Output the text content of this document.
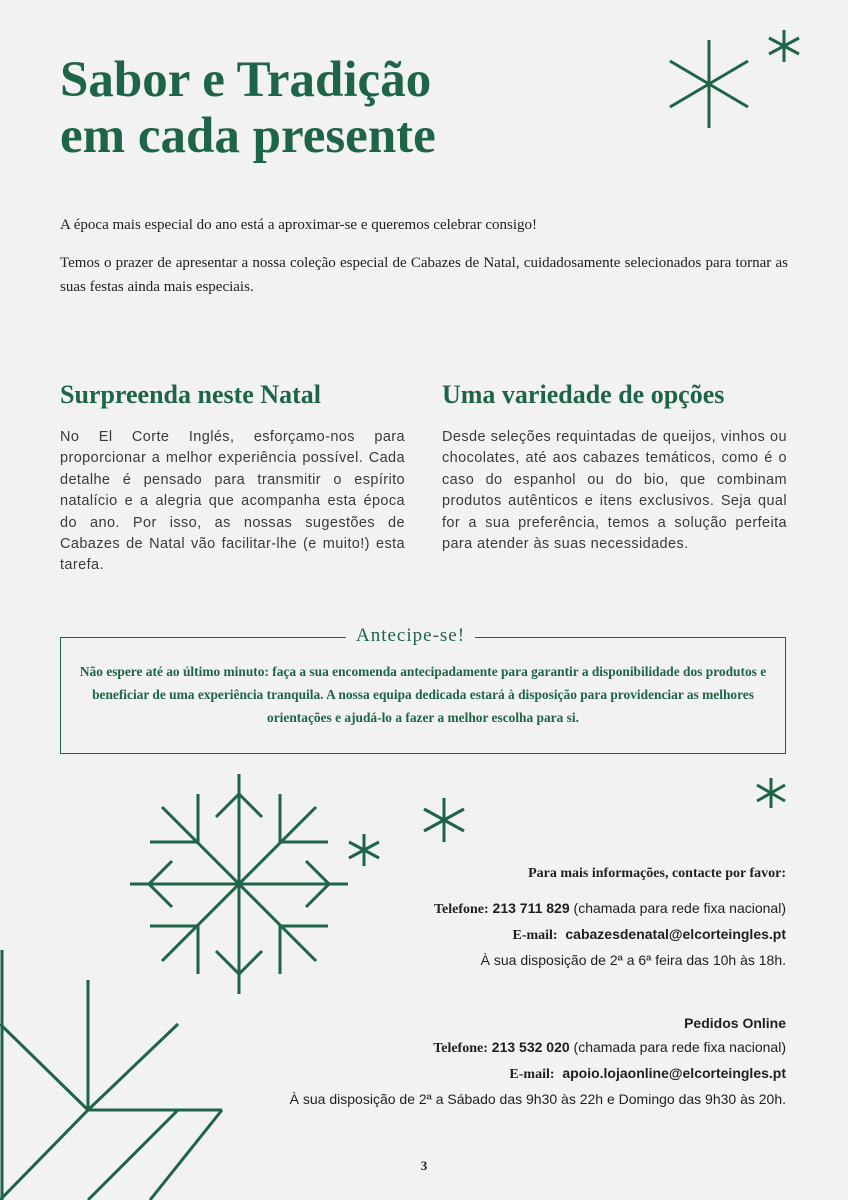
Sabor e Tradição
em cada presente
A época mais especial do ano está a aproximar-se e queremos celebrar consigo!
Temos o prazer de apresentar a nossa coleção especial de Cabazes de Natal, cuidadosamente selecionados para tornar as suas festas ainda mais especiais.
Surpreenda neste Natal
No El Corte Inglés, esforçamo-nos para proporcionar a melhor experiência possível. Cada detalhe é pensado para transmitir o espírito natalício e a alegria que acompanha esta época do ano. Por isso, as nossas sugestões de Cabazes de Natal vão facilitar-lhe (e muito!) esta tarefa.
Uma variedade de opções
Desde seleções requintadas de queijos, vinhos ou chocolates, até aos cabazes temáticos, como é o caso do espanhol ou do bio, que combinam produtos autênticos e itens exclusivos. Seja qual for a sua preferência, temos a solução perfeita para atender às suas necessidades.
Antecipe-se!
Não espere até ao último minuto: faça a sua encomenda antecipadamente para garantir a disponibilidade dos produtos e beneficiar de uma experiência tranquila. A nossa equipa dedicada estará à disposição para providenciar as melhores orientações e ajudá-lo a fazer a melhor escolha para si.
Para mais informações, contacte por favor:
Telefone: 213 711 829 (chamada para rede fixa nacional)
E-mail: cabazesdenatal@elcorteingles.pt
À sua disposição de 2ª a 6ª feira das 10h às 18h.
Pedidos Online
Telefone: 213 532 020 (chamada para rede fixa nacional)
E-mail: apoio.lojaonline@elcorteingles.pt
À sua disposição de 2ª a Sábado das 9h30 às 22h e Domingo das 9h30 às 20h.
3
